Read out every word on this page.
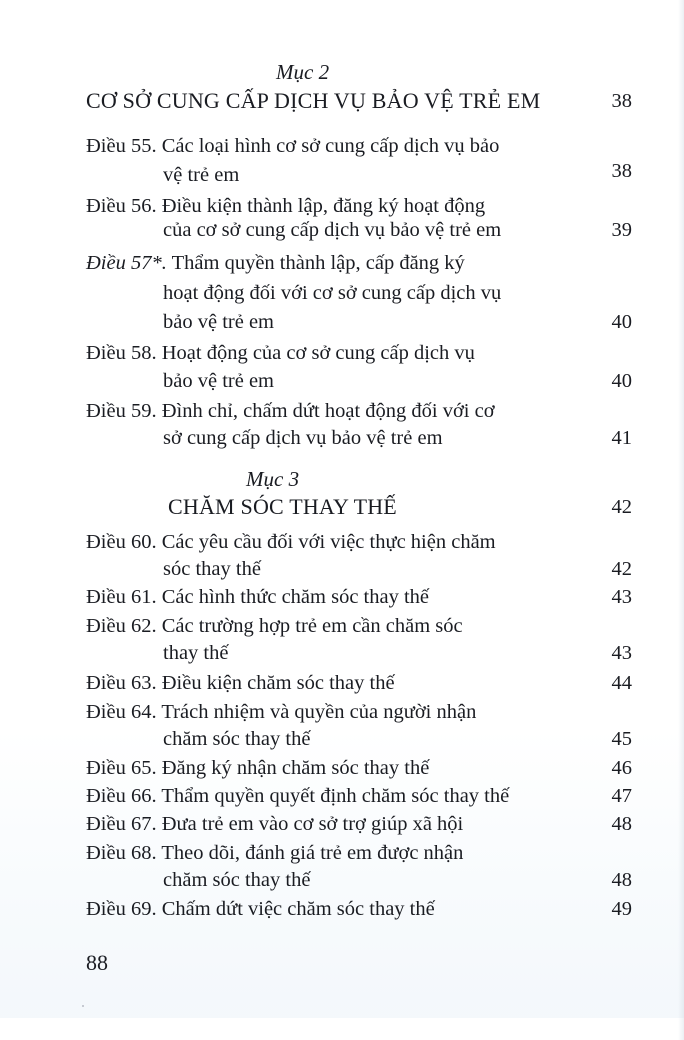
Mục 2
CƠ SỞ CUNG CẤP DỊCH VỤ BẢO VỆ TRẺ EM	38
Điều 55. Các loại hình cơ sở cung cấp dịch vụ bảo
vệ trẻ em	38
Điều 56. Điều kiện thành lập, đăng ký hoạt động
của cơ sở cung cấp dịch vụ bảo vệ trẻ em	39
Điều 57*. Thẩm quyền thành lập, cấp đăng ký
hoạt động đối với cơ sở cung cấp dịch vụ
bảo vệ trẻ em	40
Điều 58. Hoạt động của cơ sở cung cấp dịch vụ
bảo vệ trẻ em	40
Điều 59. Đình chỉ, chấm dứt hoạt động đối với cơ
sở cung cấp dịch vụ bảo vệ trẻ em	41
Mục 3
CHĂM SÓC THAY THẾ	42
Điều 60. Các yêu cầu đối với việc thực hiện chăm
sóc thay thế	42
Điều 61. Các hình thức chăm sóc thay thế	43
Điều 62. Các trường hợp trẻ em cần chăm sóc
thay thế	43
Điều 63. Điều kiện chăm sóc thay thế	44
Điều 64. Trách nhiệm và quyền của người nhận
chăm sóc thay thế	45
Điều 65. Đăng ký nhận chăm sóc thay thế	46
Điều 66. Thẩm quyền quyết định chăm sóc thay thế	47
Điều 67. Đưa trẻ em vào cơ sở trợ giúp xã hội	48
Điều 68. Theo dõi, đánh giá trẻ em được nhận
chăm sóc thay thế	48
Điều 69. Chấm dứt việc chăm sóc thay thế	49
88
